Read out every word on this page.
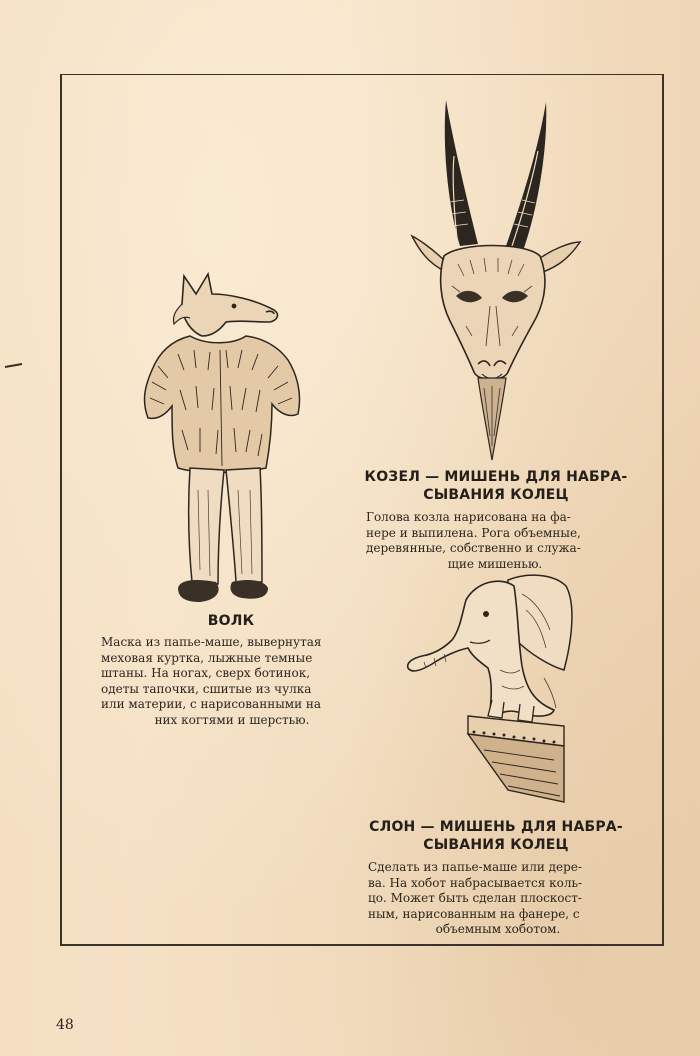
КОЗЕЛ — МИШЕНЬ ДЛЯ НАБРА-
СЫВАНИЯ КОЛЕЦ
Голова козла нарисована на фа-
нере и выпилена. Рога объемные,
деревянные, собственно и служа-
щие мишенью.
ВОЛК
Маска из папье-маше, вывернутая
меховая куртка, лыжные темные
штаны. На ногах, сверх ботинок,
одеты тапочки, сшитые из чулка
или материи, с нарисованными на
них когтями и шерстью.
СЛОН — МИШЕНЬ ДЛЯ НАБРА-
СЫВАНИЯ КОЛЕЦ
Сделать из папье-маше или дере-
ва. На хобот набрасывается коль-
цо. Может быть сделан плоскост-
ным, нарисованным на фанере, с
объемным хоботом.
48
